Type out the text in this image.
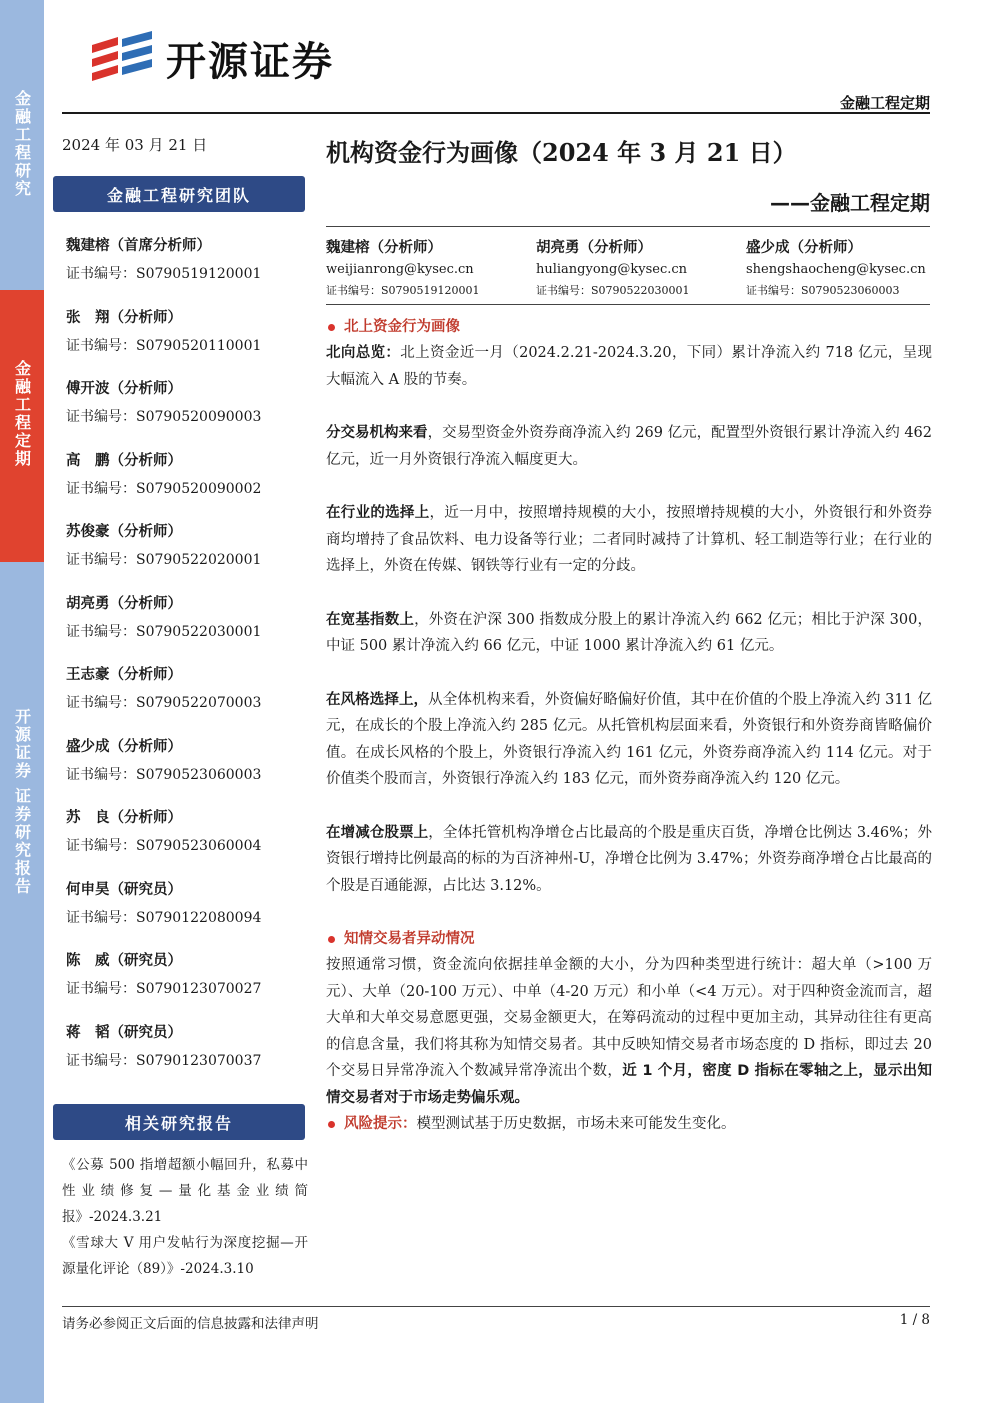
金融工程研究
金融工程定期
开源证券 证券研究报告
开源证券
金融工程定期
2024 年 03 月 21 日
金融工程研究团队
魏建榕（首席分析师）
证书编号：S0790519120001
张　翔（分析师）
证书编号：S0790520110001
傅开波（分析师）
证书编号：S0790520090003
高　鹏（分析师）
证书编号：S0790520090002
苏俊豪（分析师）
证书编号：S0790522020001
胡亮勇（分析师）
证书编号：S0790522030001
王志豪（分析师）
证书编号：S0790522070003
盛少成（分析师）
证书编号：S0790523060003
苏　良（分析师）
证书编号：S0790523060004
何申昊（研究员）
证书编号：S0790122080094
陈　威（研究员）
证书编号：S0790123070027
蒋　韬（研究员）
证书编号：S0790123070037
相关研究报告
《公募 500 指增超额小幅回升，私募中性业绩修复—量化基金业绩简报》-2024.3.21
《雪球大 V 用户发帖行为深度挖掘—开源量化评论（89）》-2024.3.10
机构资金行为画像（2024 年 3 月 21 日）
——金融工程定期
魏建榕（分析师）
weijianrong@kysec.cn
证书编号：S0790519120001
胡亮勇（分析师）
huliangyong@kysec.cn
证书编号：S0790522030001
盛少成（分析师）
shengshaocheng@kysec.cn
证书编号：S0790523060003
北上资金行为画像

北向总览：北上资金近一月（2024.2.21-2024.3.20，下同）累计净流入约 718 亿元，呈现大幅流入 A 股的节奏。

分交易机构来看，交易型资金外资券商净流入约 269 亿元，配置型外资银行累计净流入约 462 亿元，近一月外资银行净流入幅度更大。

在行业的选择上，近一月中，按照增持规模的大小，按照增持规模的大小，外资银行和外资券商均增持了食品饮料、电力设备等行业；二者同时减持了计算机、轻工制造等行业；在行业的选择上，外资在传媒、钢铁等行业有一定的分歧。

在宽基指数上，外资在沪深 300 指数成分股上的累计净流入约 662 亿元；相比于沪深 300，中证 500 累计净流入约 66 亿元，中证 1000 累计净流入约 61 亿元。

在风格选择上，从全体机构来看，外资偏好略偏好价值，其中在价值的个股上净流入约 311 亿元，在成长的个股上净流入约 285 亿元。从托管机构层面来看，外资银行和外资券商皆略偏价值。在成长风格的个股上，外资银行净流入约 161 亿元，外资券商净流入约 114 亿元。对于价值类个股而言，外资银行净流入约 183 亿元，而外资券商净流入约 120 亿元。

在增减仓股票上，全体托管机构净增仓占比最高的个股是重庆百货，净增仓比例达 3.46%；外资银行增持比例最高的标的为百济神州-U，净增仓比例为 3.47%；外资券商净增仓占比最高的个股是百通能源，占比达 3.12%。

知情交易者异动情况

按照通常习惯，资金流向依据挂单金额的大小，分为四种类型进行统计：超大单（>100 万元）、大单（20-100 万元）、中单（4-20 万元）和小单（<4 万元）。对于四种资金流而言，超大单和大单交易意愿更强，交易金额更大，在筹码流动的过程中更加主动，其异动往往有更高的信息含量，我们将其称为知情交易者。其中反映知情交易者市场态度的 D 指标，即过去 20 个交易日异常净流入个数减异常净流出个数，近 1 个月，密度 D 指标在零轴之上，显示出知情交易者对于市场走势偏乐观。

风险提示： 模型测试基于历史数据，市场未来可能发生变化。

请务必参阅正文后面的信息披露和法律声明	1 / 8
